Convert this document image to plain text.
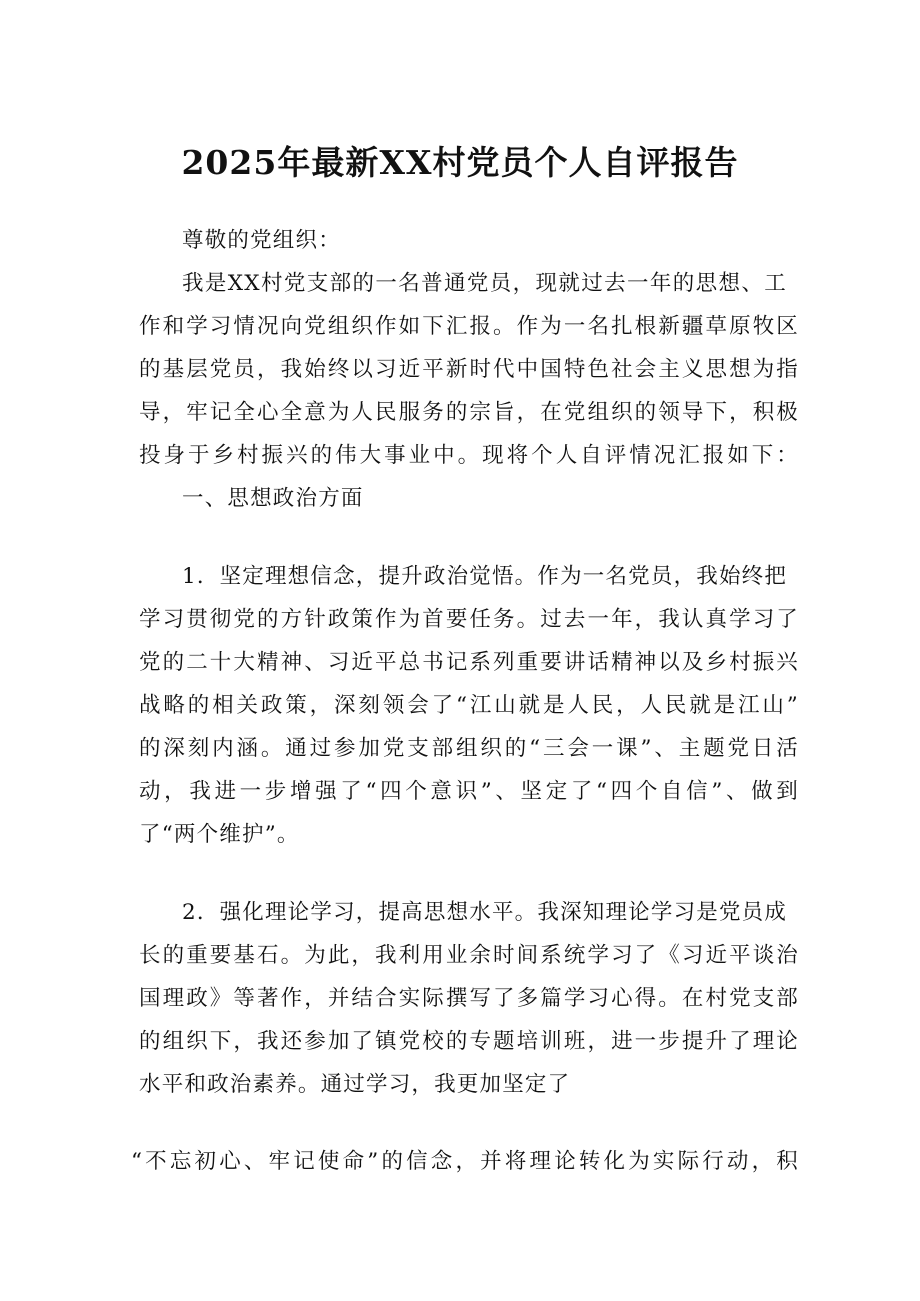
2025年最新XX村党员个人自评报告
尊敬的党组织：
我是XX村党支部的一名普通党员，现就过去一年的思想、工
作和学习情况向党组织作如下汇报。作为一名扎根新疆草原牧区
的基层党员，我始终以习近平新时代中国特色社会主义思想为指
导，牢记全心全意为人民服务的宗旨，在党组织的领导下，积极
投身于乡村振兴的伟大事业中。现将个人自评情况汇报如下：
一、思想政治方面
1．坚定理想信念，提升政治觉悟。作为一名党员，我始终把
学习贯彻党的方针政策作为首要任务。过去一年，我认真学习了
党的二十大精神、习近平总书记系列重要讲话精神以及乡村振兴
战略的相关政策，深刻领会了“江山就是人民，人民就是江山”
的深刻内涵。通过参加党支部组织的“三会一课”、主题党日活
动，我进一步增强了“四个意识”、坚定了“四个自信”、做到
了“两个维护”。
2．强化理论学习，提高思想水平。我深知理论学习是党员成
长的重要基石。为此，我利用业余时间系统学习了《习近平谈治
国理政》等著作，并结合实际撰写了多篇学习心得。在村党支部
的组织下，我还参加了镇党校的专题培训班，进一步提升了理论
水平和政治素养。通过学习，我更加坚定了
“不忘初心、牢记使命”的信念，并将理论转化为实际行动，积
